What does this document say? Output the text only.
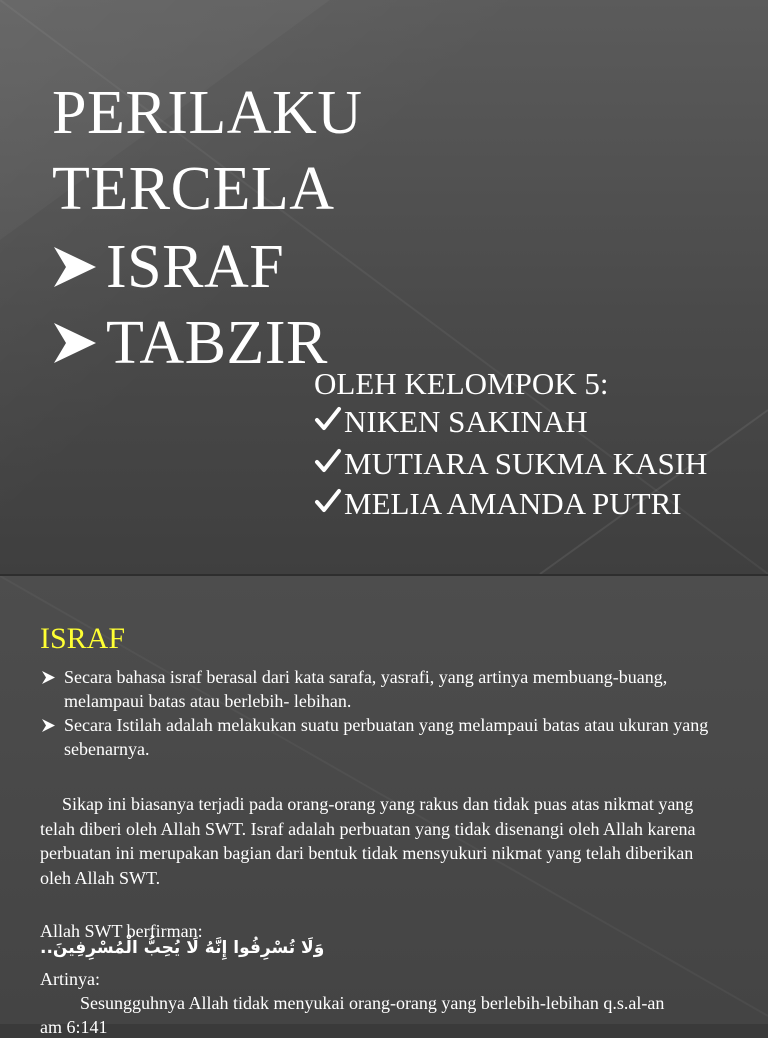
PERILAKU
TERCELA
ISRAF
TABZIR
OLEH KELOMPOK 5:
NIKEN SAKINAH
MUTIARA SUKMA KASIH
MELIA AMANDA PUTRI
ISRAF
Secara bahasa israf berasal dari kata sarafa, yasrafi, yang artinya membuang-buang, melampaui batas atau berlebih- lebihan.
Secara Istilah adalah melakukan suatu perbuatan yang melampaui batas atau ukuran yang sebenarnya.
Sikap ini biasanya terjadi pada orang-orang yang rakus dan tidak puas atas nikmat yang telah diberi oleh Allah SWT. Israf adalah perbuatan yang tidak disenangi oleh Allah karena perbuatan ini merupakan bagian dari bentuk tidak mensyukuri nikmat yang telah diberikan oleh Allah SWT.
Allah SWT berfirman:
وَلَا تُسْرِفُوا إِنَّهُ لَا يُحِبُّ الْمُسْرِفِينَ..
Artinya:
Sesungguhnya Allah tidak menyukai orang-orang yang berlebih-lebihan q.s.al-an
am 6:141
